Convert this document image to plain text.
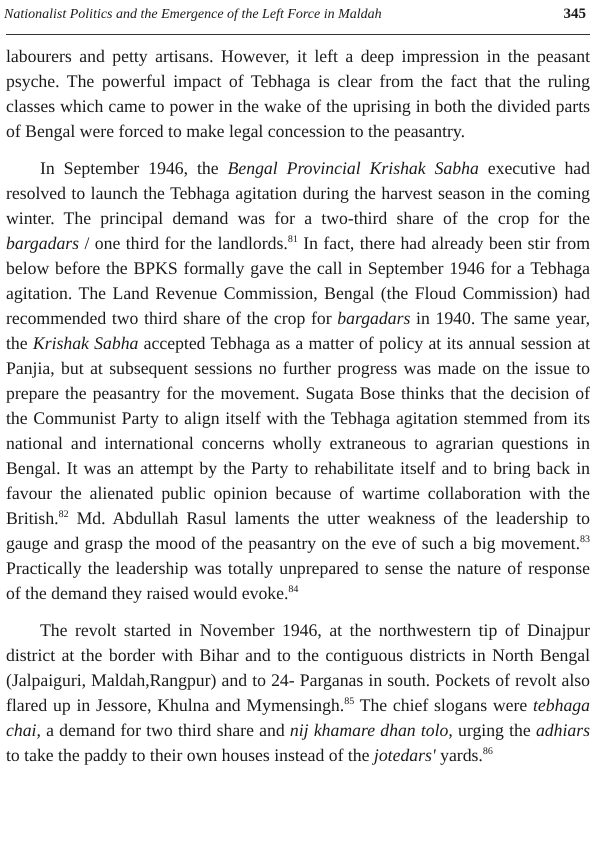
Nationalist Politics and the Emergence of the Left Force in Maldah	345

labourers and petty artisans. However, it left a deep impression in the peasant psyche. The powerful impact of Tebhaga is clear from the fact that the ruling classes which came to power in the wake of the uprising in both the divided parts of Bengal were forced to make legal concession to the peasantry.

In September 1946, the Bengal Provincial Krishak Sabha executive had resolved to launch the Tebhaga agitation during the harvest season in the coming winter. The principal demand was for a two-third share of the crop for the bargadars / one third for the landlords.$^{81}$ In fact, there had already been stir from below before the BPKS formally gave the call in September 1946 for a Tebhaga agitation. The Land Revenue Commission, Bengal (the Floud Commission) had recommended two third share of the crop for bargadars in 1940. The same year, the Krishak Sabha accepted Tebhaga as a matter of policy at its annual session at Panjia, but at subsequent sessions no further progress was made on the issue to prepare the peasantry for the movement. Sugata Bose thinks that the decision of the Communist Party to align itself with the Tebhaga agitation stemmed from its national and international concerns wholly extraneous to agrarian questions in Bengal. It was an attempt by the Party to rehabilitate itself and to bring back in favour the alienated public opinion because of wartime collaboration with the British.$^{82}$ Md. Abdullah Rasul laments the utter weakness of the leadership to gauge and grasp the mood of the peasantry on the eve of such a big movement.$^{83}$ Practically the leadership was totally unprepared to sense the nature of response of the demand they raised would evoke.$^{84}$

The revolt started in November 1946, at the northwestern tip of Dinajpur district at the border with Bihar and to the contiguous districts in North Bengal (Jalpaiguri, Maldah,Rangpur) and to 24- Parganas in south. Pockets of revolt also flared up in Jessore, Khulna and Mymensingh.$^{85}$ The chief slogans were tebhaga chai, a demand for two third share and nij khamare dhan tolo, urging the adhiars to take the paddy to their own houses instead of the jotedars' yards.$^{86}$
